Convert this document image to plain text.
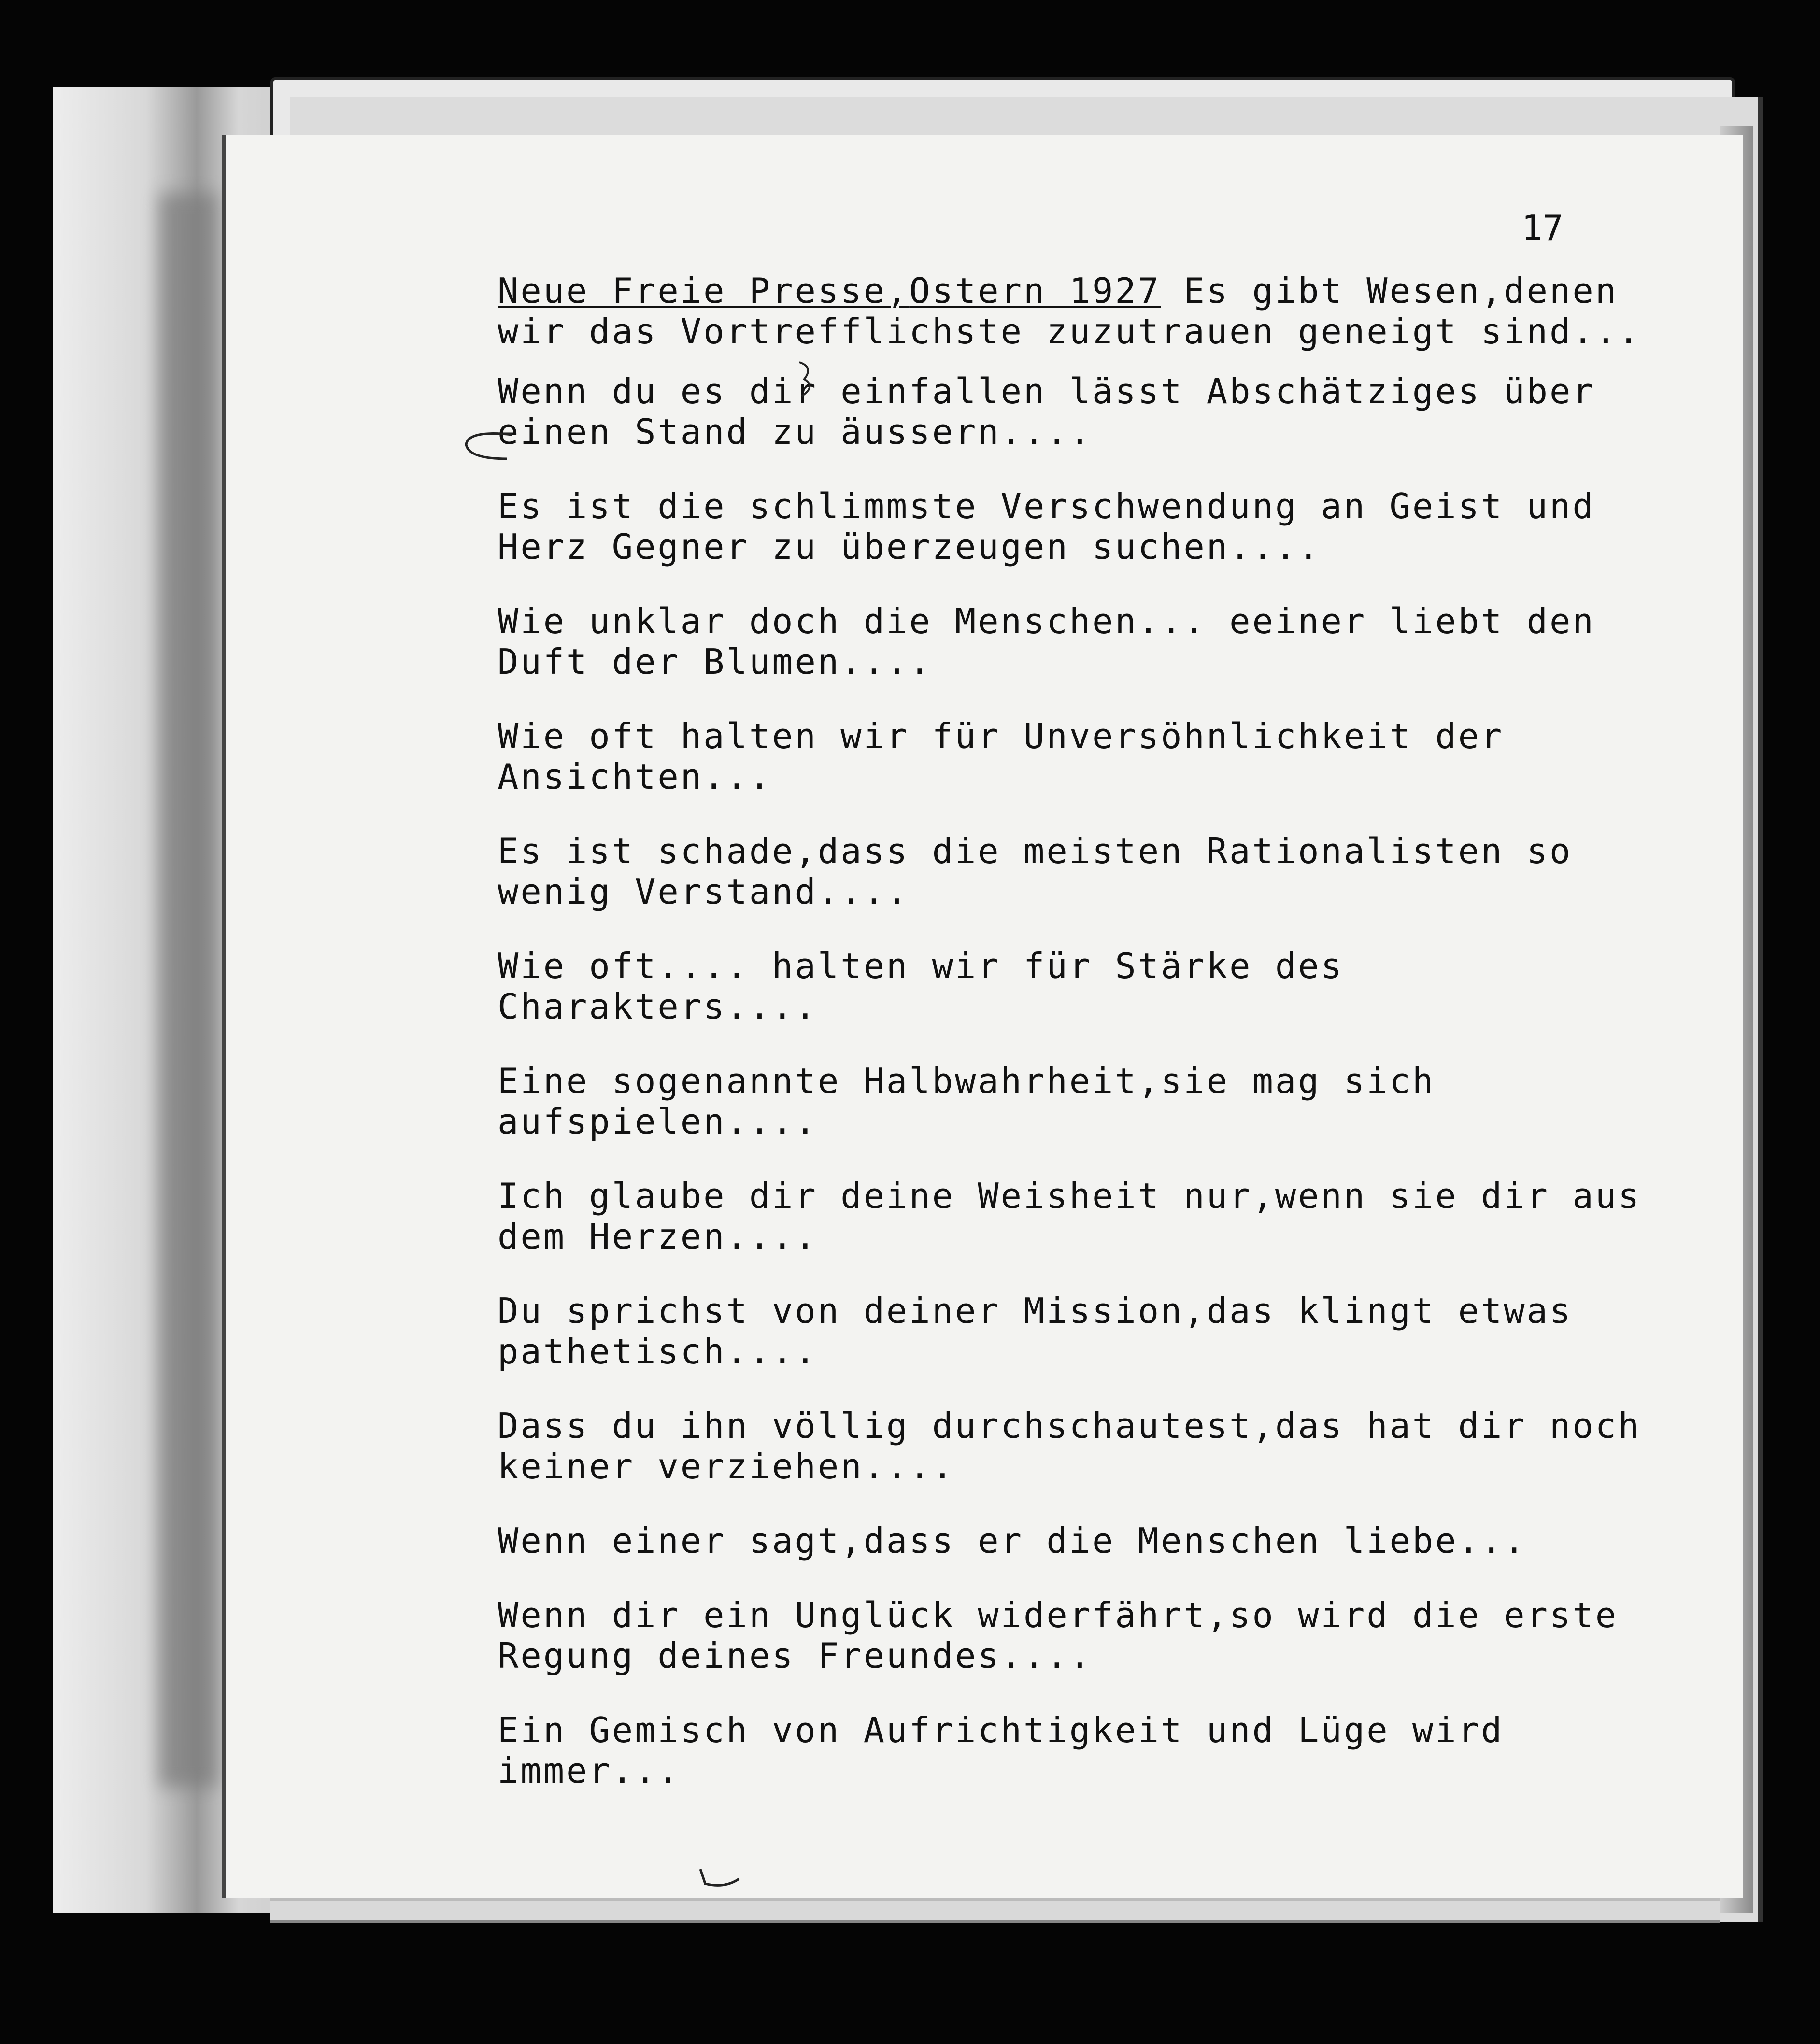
17
Neue Freie Presse,Ostern 1927 Es gibt Wesen,denen wir das Vortrefflichste zuzutrauen geneigt sind...
Wenn du es dir einfallen lässt Abschätziges über einen Stand zu äussern....
Es ist die schlimmste Verschwendung an Geist und Herz Gegner zu überzeugen suchen....
Wie unklar doch die Menschen... eeiner liebt den Duft der Blumen....
Wie oft halten wir für Unversöhnlichkeit der Ansichten...
Es ist schade,dass die meisten Rationalisten so wenig Verstand....
Wie oft.... halten wir für Stärke des Charakters....
Eine sogenannte Halbwahrheit,sie mag sich aufspielen....
Ich glaube dir deine Weisheit nur,wenn sie dir aus dem Herzen....
Du sprichst von deiner Mission,das klingt etwas pathetisch....
Dass du ihn völlig durchschautest,das hat dir noch keiner verziehen....
Wenn einer sagt,dass er die Menschen liebe...
Wenn dir ein Unglück widerfährt,so wird die erste Regung deines Freundes....
Ein Gemisch von Aufrichtigkeit und Lüge wird immer...
